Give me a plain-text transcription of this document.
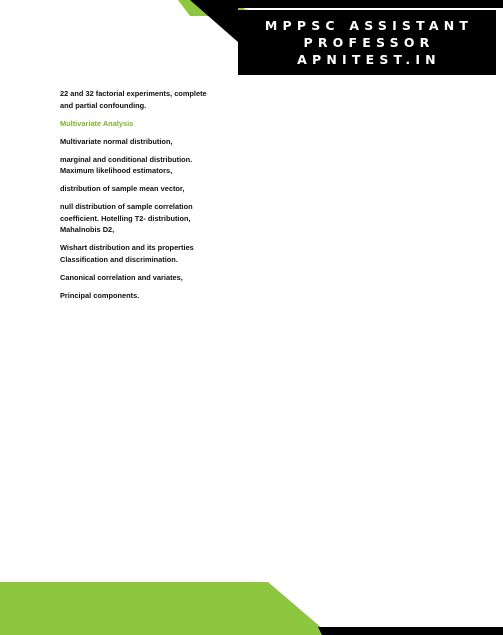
MPPSC ASSISTANT
PROFESSOR
APNITEST.IN

22 and 32 factorial experiments, complete
and partial confounding.

Multivariate Analysis

Multivariate normal distribution,

marginal and conditional distribution.
Maximum likelihood estimators,

distribution of sample mean vector,

null distribution of sample correlation
coefficient. Hotelling T2- distribution,
Mahalnobis D2,

Wishart distribution and its properties
Classification and discrimination.

Canonical correlation and variates,

Principal components.
